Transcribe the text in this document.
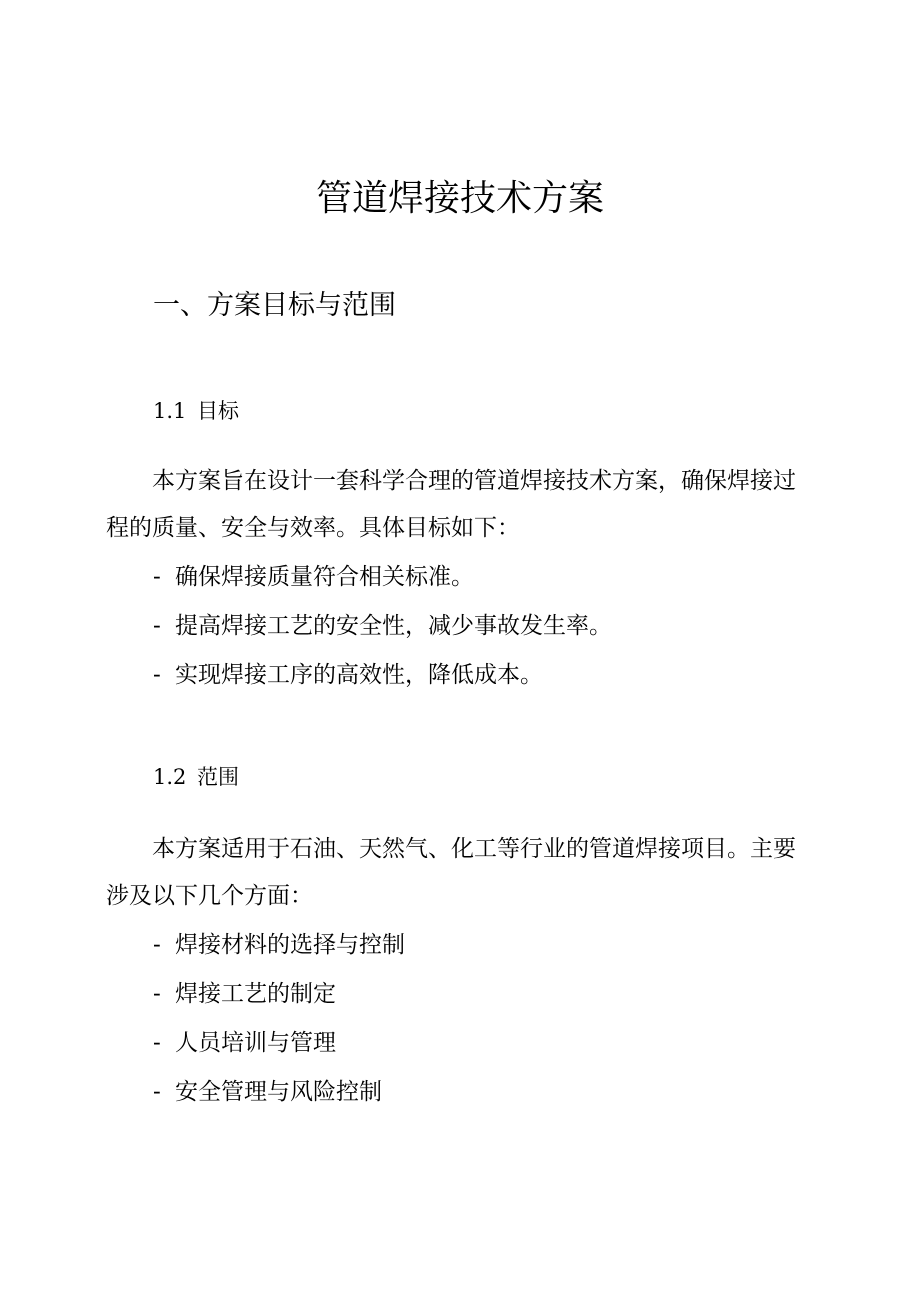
管道焊接技术方案
一、方案目标与范围
1.1 目标

本方案旨在设计一套科学合理的管道焊接技术方案，确保焊接过程的质量、安全与效率。具体目标如下：

- 确保焊接质量符合相关标准。
- 提高焊接工艺的安全性，减少事故发生率。
- 实现焊接工序的高效性，降低成本。
1.2 范围

本方案适用于石油、天然气、化工等行业的管道焊接项目。主要涉及以下几个方面：

- 焊接材料的选择与控制
- 焊接工艺的制定
- 人员培训与管理
- 安全管理与风险控制
